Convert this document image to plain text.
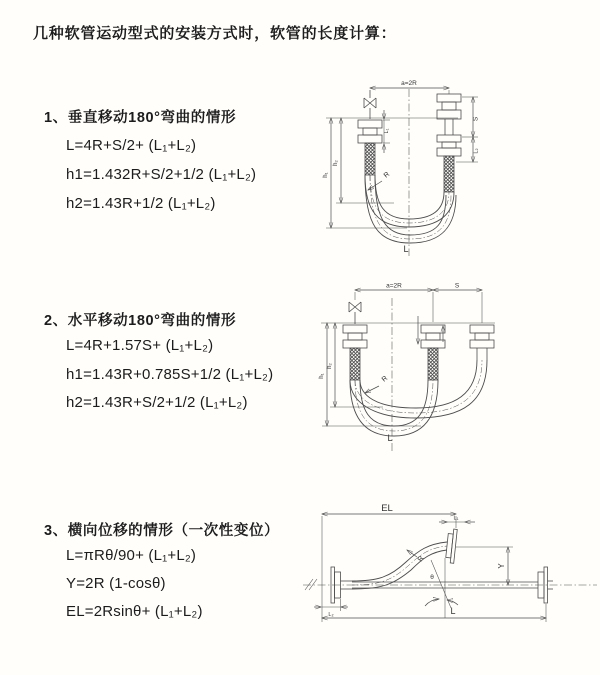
几种软管运动型式的安装方式时，软管的长度计算：
1、垂直移动180°弯曲的情形
L=4R+S/2+ (L₁+L₂)
h1=1.432R+S/2+1/2 (L₁+L₂)
h2=1.43R+1/2 (L₁+L₂)
2、水平移动180°弯曲的情形
L=4R+1.57S+ (L₁+L₂)
h1=1.43R+0.785S+1/2 (L₁+L₂)
h2=1.43R+S/2+1/2 (L₁+L₂)
3、横向位移的情形（一次性变位）
L=πRθ/90+ (L₁+L₂)
Y=2R (1-cosθ)
EL=2Rsinθ+ (L₁+L₂)
a=2R
L₁
h₁
h₂
S
L₂
R
L
a=2R	S
h₁
h₂
R
L
EL
L₁
Y
θ
R
L
L₂
